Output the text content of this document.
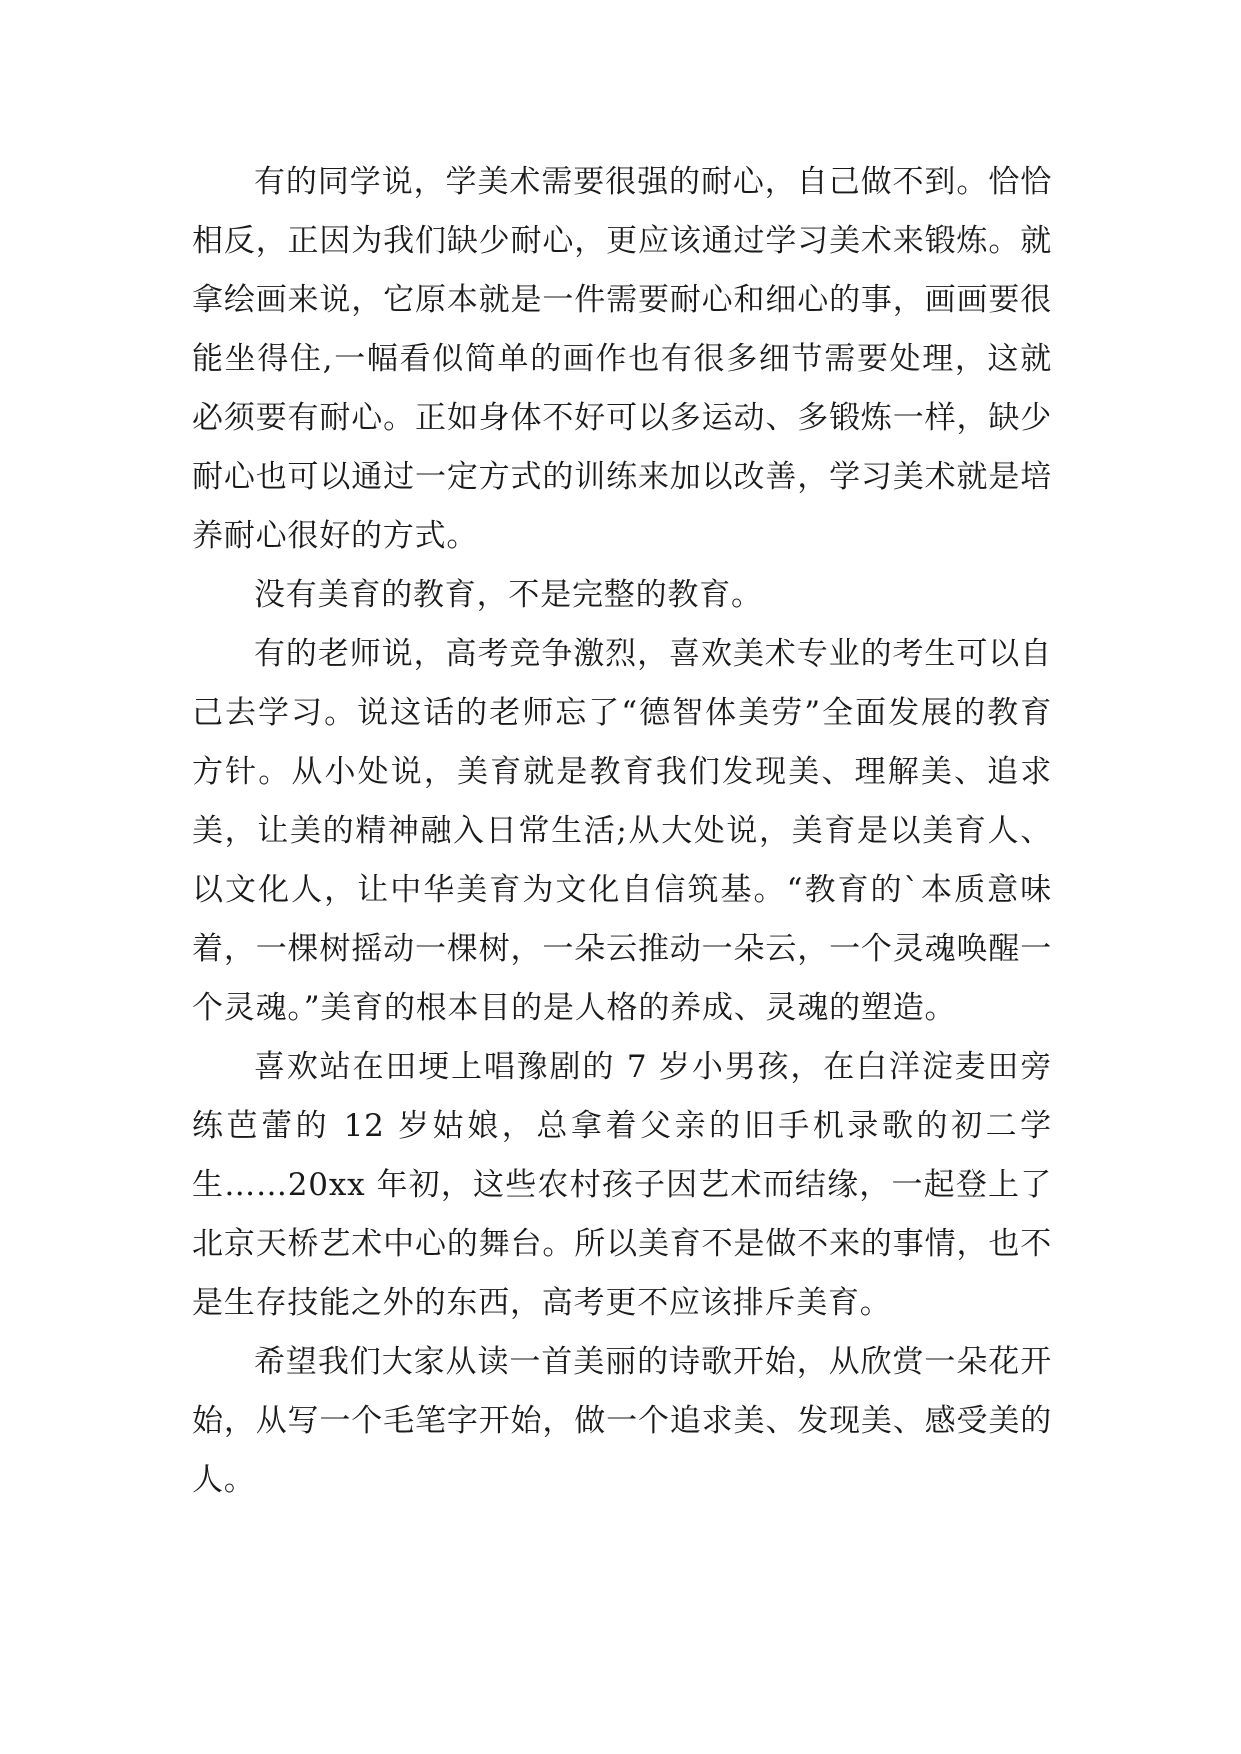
有的同学说，学美术需要很强的耐心，自己做不到。恰恰相反，正因为我们缺少耐心，更应该通过学习美术来锻炼。就拿绘画来说，它原本就是一件需要耐心和细心的事，画画要很能坐得住,一幅看似简单的画作也有很多细节需要处理，这就必须要有耐心。正如身体不好可以多运动、多锻炼一样，缺少耐心也可以通过一定方式的训练来加以改善，学习美术就是培养耐心很好的方式。

没有美育的教育，不是完整的教育。

有的老师说，高考竞争激烈，喜欢美术专业的考生可以自己去学习。说这话的老师忘了“德智体美劳”全面发展的教育方针。从小处说，美育就是教育我们发现美、理解美、追求美，让美的精神融入日常生活;从大处说，美育是以美育人、以文化人，让中华美育为文化自信筑基。“教育的`本质意味着，一棵树摇动一棵树，一朵云推动一朵云，一个灵魂唤醒一个灵魂。”美育的根本目的是人格的养成、灵魂的塑造。

喜欢站在田埂上唱豫剧的 7 岁小男孩，在白洋淀麦田旁练芭蕾的 12 岁姑娘，总拿着父亲的旧手机录歌的初二学生……20xx 年初，这些农村孩子因艺术而结缘，一起登上了北京天桥艺术中心的舞台。所以美育不是做不来的事情，也不是生存技能之外的东西，高考更不应该排斥美育。

希望我们大家从读一首美丽的诗歌开始，从欣赏一朵花开始，从写一个毛笔字开始，做一个追求美、发现美、感受美的人。
